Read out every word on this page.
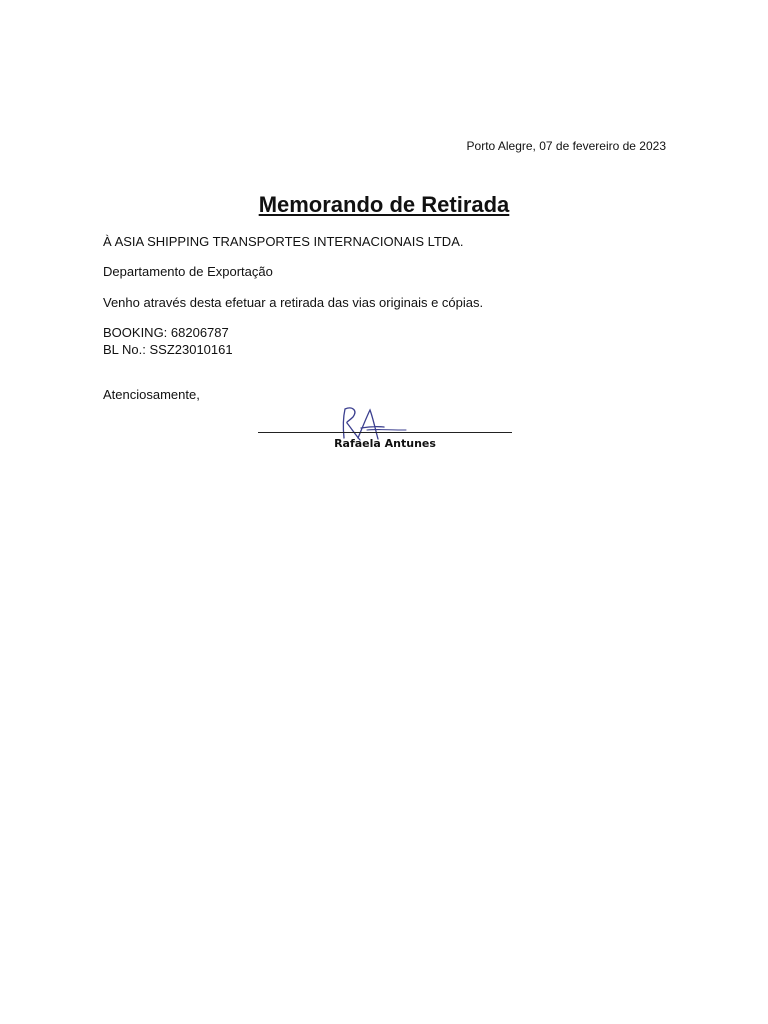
Porto Alegre, 07 de fevereiro de 2023
Memorando de Retirada
À ASIA SHIPPING TRANSPORTES INTERNACIONAIS LTDA.
Departamento de Exportação
Venho através desta efetuar a retirada das vias originais e cópias.
BOOKING: 68206787
BL No.: SSZ23010161
Atenciosamente,
Rafaela Antunes
